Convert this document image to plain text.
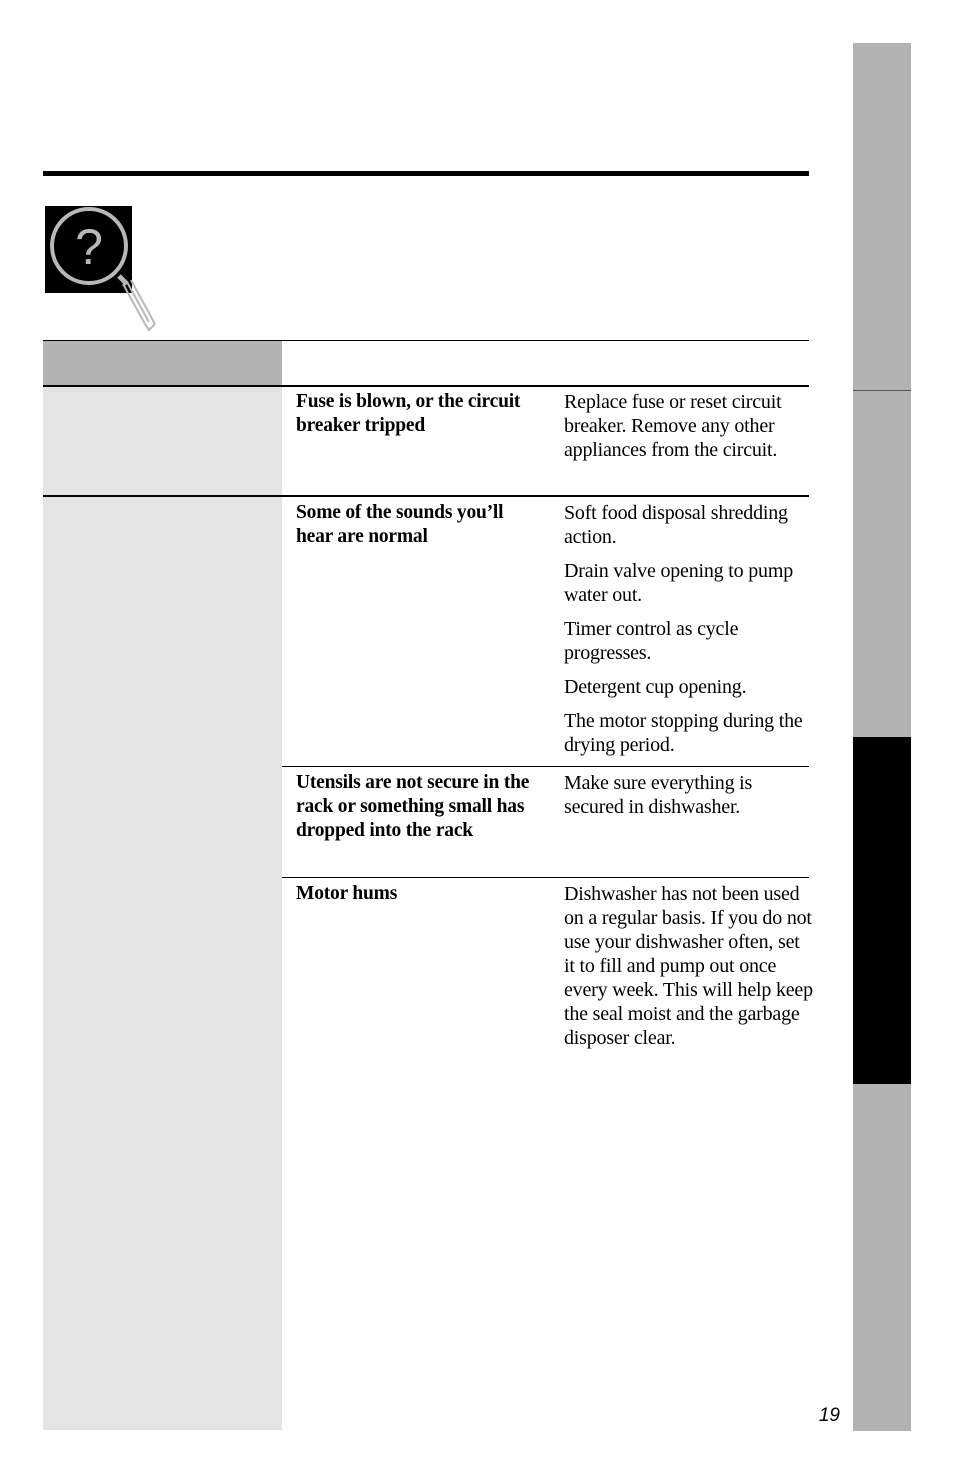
?
Fuse is blown, or the circuit breaker tripped

Replace fuse or reset circuit breaker. Remove any other appliances from the circuit.

Some of the sounds you’ll hear are normal

Soft food disposal shredding action.

Drain valve opening to pump water out.

Timer control as cycle progresses.

Detergent cup opening.

The motor stopping during the drying period.

Utensils are not secure in the rack or something small has dropped into the rack

Make sure everything is secured in dishwasher.

Motor hums	Dishwasher has not been used on a regular basis. If you do not use your dishwasher often, set it to fill and pump out once every week. This will help keep the seal moist and the garbage disposer clear.

19
